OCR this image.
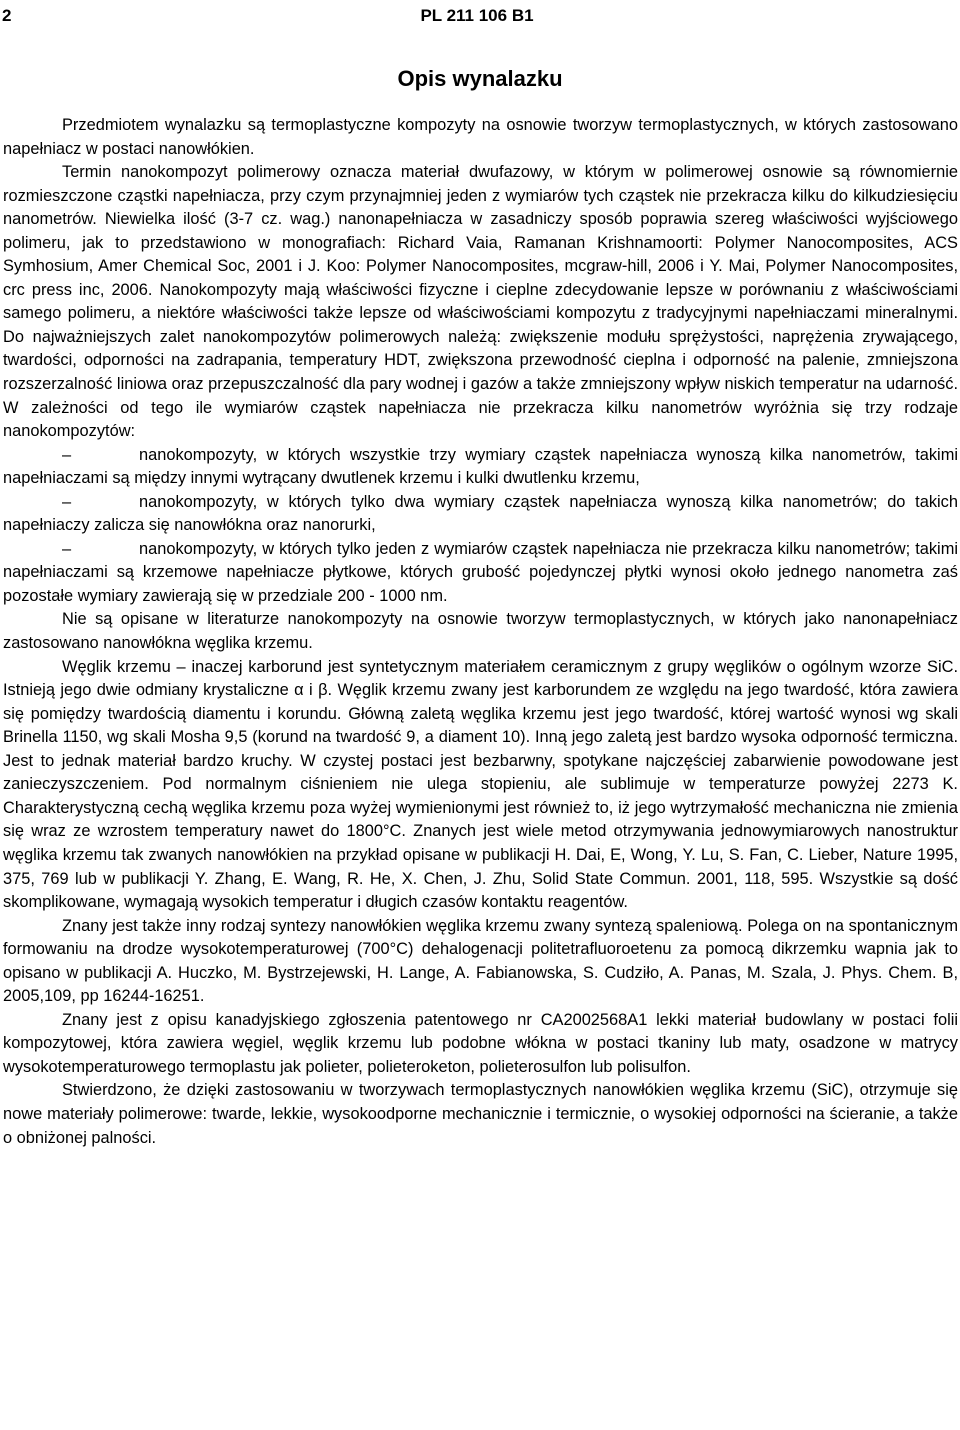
2	PL 211 106 B1
Opis wynalazku

Przedmiotem wynalazku są termoplastyczne kompozyty na osnowie tworzyw termoplastycznych, w których zastosowano napełniacz w postaci nanowłókien.

Termin nanokompozyt polimerowy oznacza materiał dwufazowy, w którym w polimerowej osnowie są równomiernie rozmieszczone cząstki napełniacza, przy czym przynajmniej jeden z wymiarów tych cząstek nie przekracza kilku do kilkudziesięciu nanometrów. Niewielka ilość (3-7 cz. wag.) nanonapełniacza w zasadniczy sposób poprawia szereg właściwości wyjściowego polimeru, jak to przedstawiono w monografiach: Richard Vaia, Ramanan Krishnamoorti: Polymer Nanocomposites, ACS Symhosium, Amer Chemical Soc, 2001 i J. Koo: Polymer Nanocomposites, mcgraw-hill, 2006 i Y. Mai, Polymer Nanocomposites, crc press inc, 2006. Nanokompozyty mają właściwości fizyczne i cieplne zdecydowanie lepsze w porównaniu z właściwościami samego polimeru, a niektóre właściwości także lepsze od właściwościami kompozytu z tradycyjnymi napełniaczami mineralnymi. Do najważniejszych zalet nanokompozytów polimerowych należą: zwiększenie modułu sprężystości, naprężenia zrywającego, twardości, odporności na zadrapania, temperatury HDT, zwiększona przewodność cieplna i odporność na palenie, zmniejszona rozszerzalność liniowa oraz przepuszczalność dla pary wodnej i gazów a także zmniejszony wpływ niskich temperatur na udarność. W zależności od tego ile wymiarów cząstek napełniacza nie przekracza kilku nanometrów wyróżnia się trzy rodzaje nanokompozytów:

–	nanokompozyty, w których wszystkie trzy wymiary cząstek napełniacza wynoszą kilka nanometrów, takimi napełniaczami są między innymi wytrącany dwutlenek krzemu i kulki dwutlenku krzemu,

–	nanokompozyty, w których tylko dwa wymiary cząstek napełniacza wynoszą kilka nanometrów; do takich napełniaczy zalicza się nanowłókna oraz nanorurki,

–	nanokompozyty, w których tylko jeden z wymiarów cząstek napełniacza nie przekracza kilku nanometrów; takimi napełniaczami są krzemowe napełniacze płytkowe, których grubość pojedynczej płytki wynosi około jednego nanometra zaś pozostałe wymiary zawierają się w przedziale 200 - 1000 nm.

Nie są opisane w literaturze nanokompozyty na osnowie tworzyw termoplastycznych, w których jako nanonapełniacz zastosowano nanowłókna węglika krzemu.

Węglik krzemu – inaczej karborund jest syntetycznym materiałem ceramicznym z grupy węglików o ogólnym wzorze SiC. Istnieją jego dwie odmiany krystaliczne α i β. Węglik krzemu zwany jest karborundem ze względu na jego twardość, która zawiera się pomiędzy twardością diamentu i korundu. Główną zaletą węglika krzemu jest jego twardość, której wartość wynosi wg skali Brinella 1150, wg skali Mosha 9,5 (korund na twardość 9, a diament 10). Inną jego zaletą jest bardzo wysoka odporność termiczna. Jest to jednak materiał bardzo kruchy. W czystej postaci jest bezbarwny, spotykane najczęściej zabarwienie powodowane jest zanieczyszczeniem. Pod normalnym ciśnieniem nie ulega stopieniu, ale sublimuje w temperaturze powyżej 2273 K. Charakterystyczną cechą węglika krzemu poza wyżej wymienionymi jest również to, iż jego wytrzymałość mechaniczna nie zmienia się wraz ze wzrostem temperatury nawet do 1800°C. Znanych jest wiele metod otrzymywania jednowymiarowych nanostruktur węglika krzemu tak zwanych nanowłókien na przykład opisane w publikacji H. Dai, E, Wong, Y. Lu, S. Fan, C. Lieber, Nature 1995, 375, 769 lub w publikacji Y. Zhang, E. Wang, R. He, X. Chen, J. Zhu, Solid State Commun. 2001, 118, 595. Wszystkie są dość skomplikowane, wymagają wysokich temperatur i długich czasów kontaktu reagentów.

Znany jest także inny rodzaj syntezy nanowłókien węglika krzemu zwany syntezą spaleniową. Polega on na spontanicznym formowaniu na drodze wysokotemperaturowej (700°C) dehalogenacji politetrafluoroetenu za pomocą dikrzemku wapnia jak to opisano w publikacji A. Huczko, M. Bystrzejewski, H. Lange, A. Fabianowska, S. Cudziło, A. Panas, M. Szala, J. Phys. Chem. B, 2005,109, pp 16244-16251.

Znany jest z opisu kanadyjskiego zgłoszenia patentowego nr CA2002568A1 lekki materiał budowlany w postaci folii kompozytowej, która zawiera węgiel, węglik krzemu lub podobne włókna w postaci tkaniny lub maty, osadzone w matrycy wysokotemperaturowego termoplastu jak polieter, polieteroketon, polieterosulfon lub polisulfon.

Stwierdzono, że dzięki zastosowaniu w tworzywach termoplastycznych nanowłókien węglika krzemu (SiC), otrzymuje się nowe materiały polimerowe: twarde, lekkie, wysokoodporne mechanicznie i termicznie, o wysokiej odporności na ścieranie, a także o obniżonej palności.
